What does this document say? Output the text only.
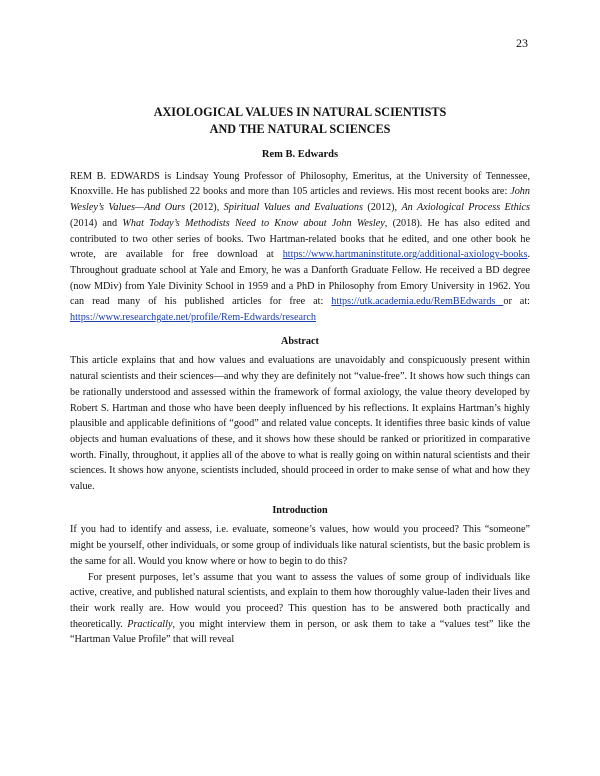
23
AXIOLOGICAL VALUES IN NATURAL SCIENTISTS
AND THE NATURAL SCIENCES
Rem B. Edwards

REM B. EDWARDS is Lindsay Young Professor of Philosophy, Emeritus, at the University of Tennessee, Knoxville. He has published 22 books and more than 105 articles and reviews. His most recent books are: John Wesley’s Values—And Ours (2012), Spiritual Values and Evaluations (2012), An Axiological Process Ethics (2014) and What Today’s Methodists Need to Know about John Wesley, (2018). He has also edited and contributed to two other series of books. Two Hartman-related books that he edited, and one other book he wrote, are available for free download at https://www.hartmaninstitute.org/additional-axiology-books. Throughout graduate school at Yale and Emory, he was a Danforth Graduate Fellow. He received a BD degree (now MDiv) from Yale Divinity School in 1959 and a PhD in Philosophy from Emory University in 1962. You can read many of his published articles for free at: https://utk.academia.edu/RemBEdwards or at: https://www.researchgate.net/profile/Rem-Edwards/research

Abstract

This article explains that and how values and evaluations are unavoidably and conspicuously present within natural scientists and their sciences—and why they are definitely not “value-free”. It shows how such things can be rationally understood and assessed within the framework of formal axiology, the value theory developed by Robert S. Hartman and those who have been deeply influenced by his reflections. It explains Hartman’s highly plausible and applicable definitions of “good” and related value concepts. It identifies three basic kinds of value objects and human evaluations of these, and it shows how these should be ranked or prioritized in comparative worth. Finally, throughout, it applies all of the above to what is really going on within natural scientists and their sciences. It shows how anyone, scientists included, should proceed in order to make sense of what and how they value.

Introduction

If you had to identify and assess, i.e. evaluate, someone’s values, how would you proceed? This “someone” might be yourself, other individuals, or some group of individuals like natural scientists, but the basic problem is the same for all. Would you know where or how to begin to do this?

For present purposes, let’s assume that you want to assess the values of some group of individuals like active, creative, and published natural scientists, and explain to them how thoroughly value-laden their lives and their work really are. How would you proceed? This question has to be answered both practically and theoretically. Practically, you might interview them in person, or ask them to take a “values test” like the “Hartman Value Profile” that will reveal
